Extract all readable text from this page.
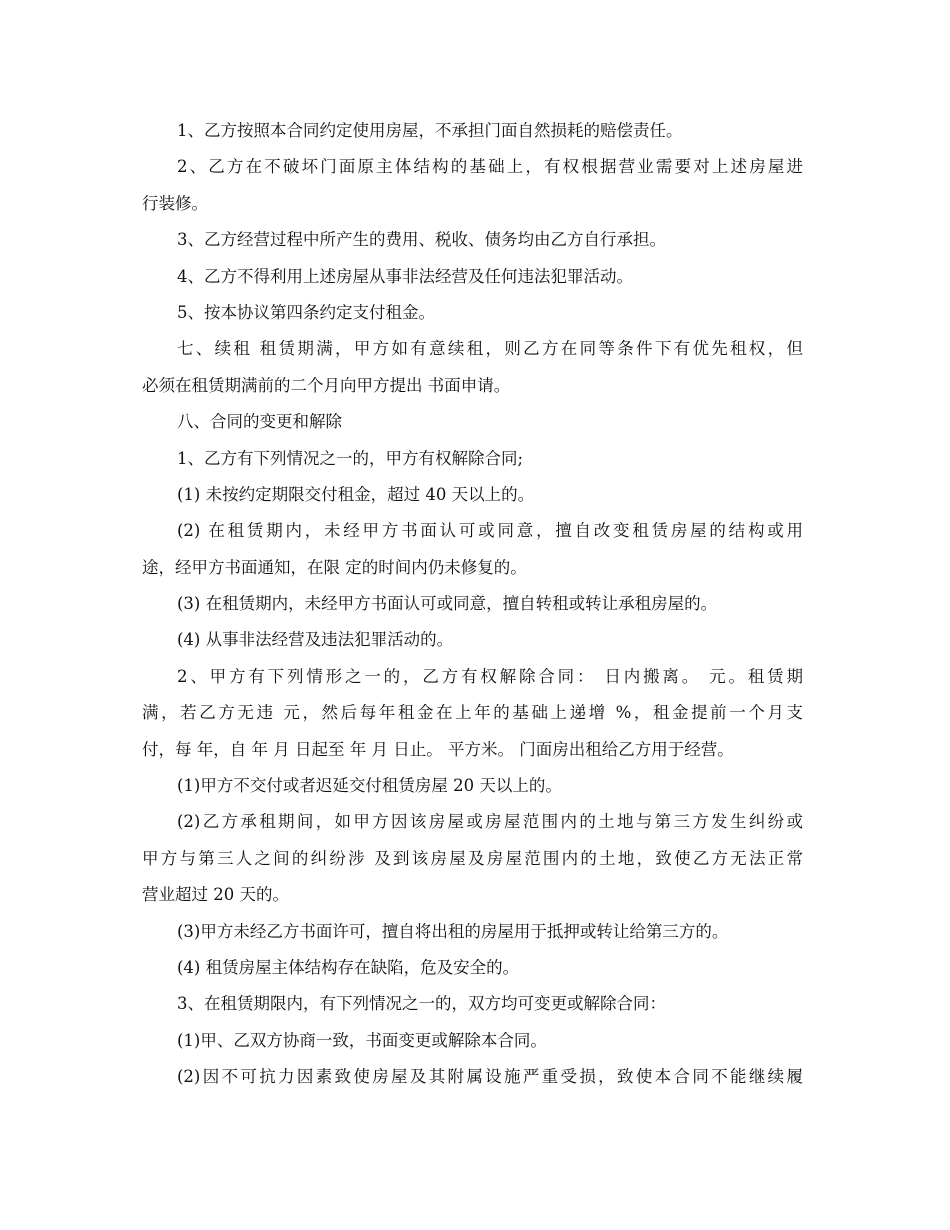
1、乙方按照本合同约定使用房屋，不承担门面自然损耗的赔偿责任。
2、乙方在不破坏门面原主体结构的基础上，有权根据营业需要对上述房屋进
行装修。
3、乙方经营过程中所产生的费用、税收、债务均由乙方自行承担。
4、乙方不得利用上述房屋从事非法经营及任何违法犯罪活动。
5、按本协议第四条约定支付租金。
七、续租 租赁期满，甲方如有意续租，则乙方在同等条件下有优先租权，但
必须在租赁期满前的二个月向甲方提出 书面申请。
八、合同的变更和解除
1、乙方有下列情况之一的，甲方有权解除合同;
(1) 未按约定期限交付租金，超过 40 天以上的。
(2) 在租赁期内，未经甲方书面认可或同意，擅自改变租赁房屋的结构或用
途，经甲方书面通知，在限 定的时间内仍未修复的。
(3) 在租赁期内，未经甲方书面认可或同意，擅自转租或转让承租房屋的。
(4) 从事非法经营及违法犯罪活动的。
2、甲方有下列情形之一的，乙方有权解除合同： 日内搬离。 元。租赁期
满，若乙方无违 元，然后每年租金在上年的基础上递增 %，租金提前一个月支
付，每 年，自 年 月 日起至 年 月 日止。 平方米。 门面房出租给乙方用于经营。
(1)甲方不交付或者迟延交付租赁房屋 20 天以上的。
(2)乙方承租期间，如甲方因该房屋或房屋范围内的土地与第三方发生纠纷或
甲方与第三人之间的纠纷涉 及到该房屋及房屋范围内的土地，致使乙方无法正常
营业超过 20 天的。
(3)甲方未经乙方书面许可，擅自将出租的房屋用于抵押或转让给第三方的。
(4) 租赁房屋主体结构存在缺陷，危及安全的。
3、在租赁期限内，有下列情况之一的，双方均可变更或解除合同：
(1)甲、乙双方协商一致，书面变更或解除本合同。
(2)因不可抗力因素致使房屋及其附属设施严重受损，致使本合同不能继续履
